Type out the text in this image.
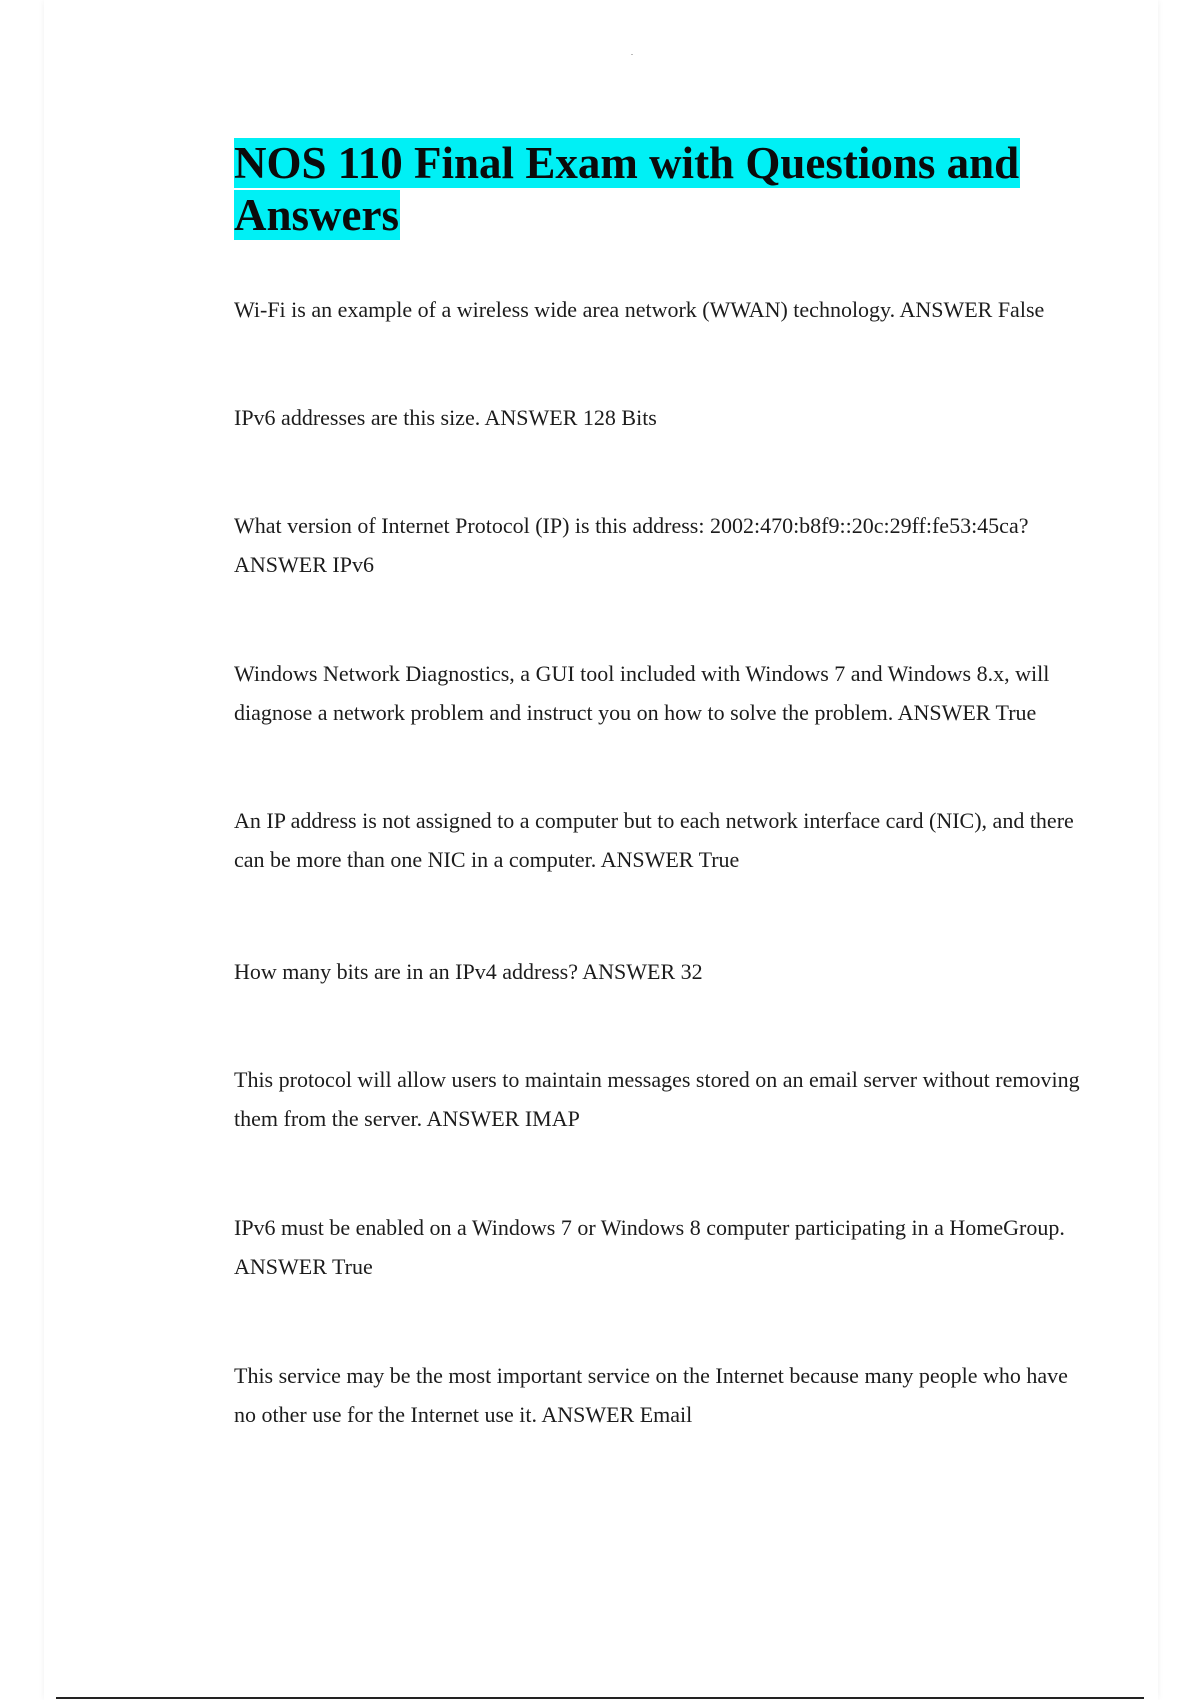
NOS 110 Final Exam with Questions and Answers

Wi-Fi is an example of a wireless wide area network (WWAN) technology. ANSWER False

IPv6 addresses are this size. ANSWER 128 Bits

What version of Internet Protocol (IP) is this address: 2002:470:b8f9::20c:29ff:fe53:45ca? ANSWER IPv6

Windows Network Diagnostics, a GUI tool included with Windows 7 and Windows 8.x, will diagnose a network problem and instruct you on how to solve the problem. ANSWER True

An IP address is not assigned to a computer but to each network interface card (NIC), and there can be more than one NIC in a computer. ANSWER True

How many bits are in an IPv4 address? ANSWER 32

This protocol will allow users to maintain messages stored on an email server without removing them from the server. ANSWER IMAP

IPv6 must be enabled on a Windows 7 or Windows 8 computer participating in a HomeGroup. ANSWER True

This service may be the most important service on the Internet because many people who have no other use for the Internet use it. ANSWER Email
